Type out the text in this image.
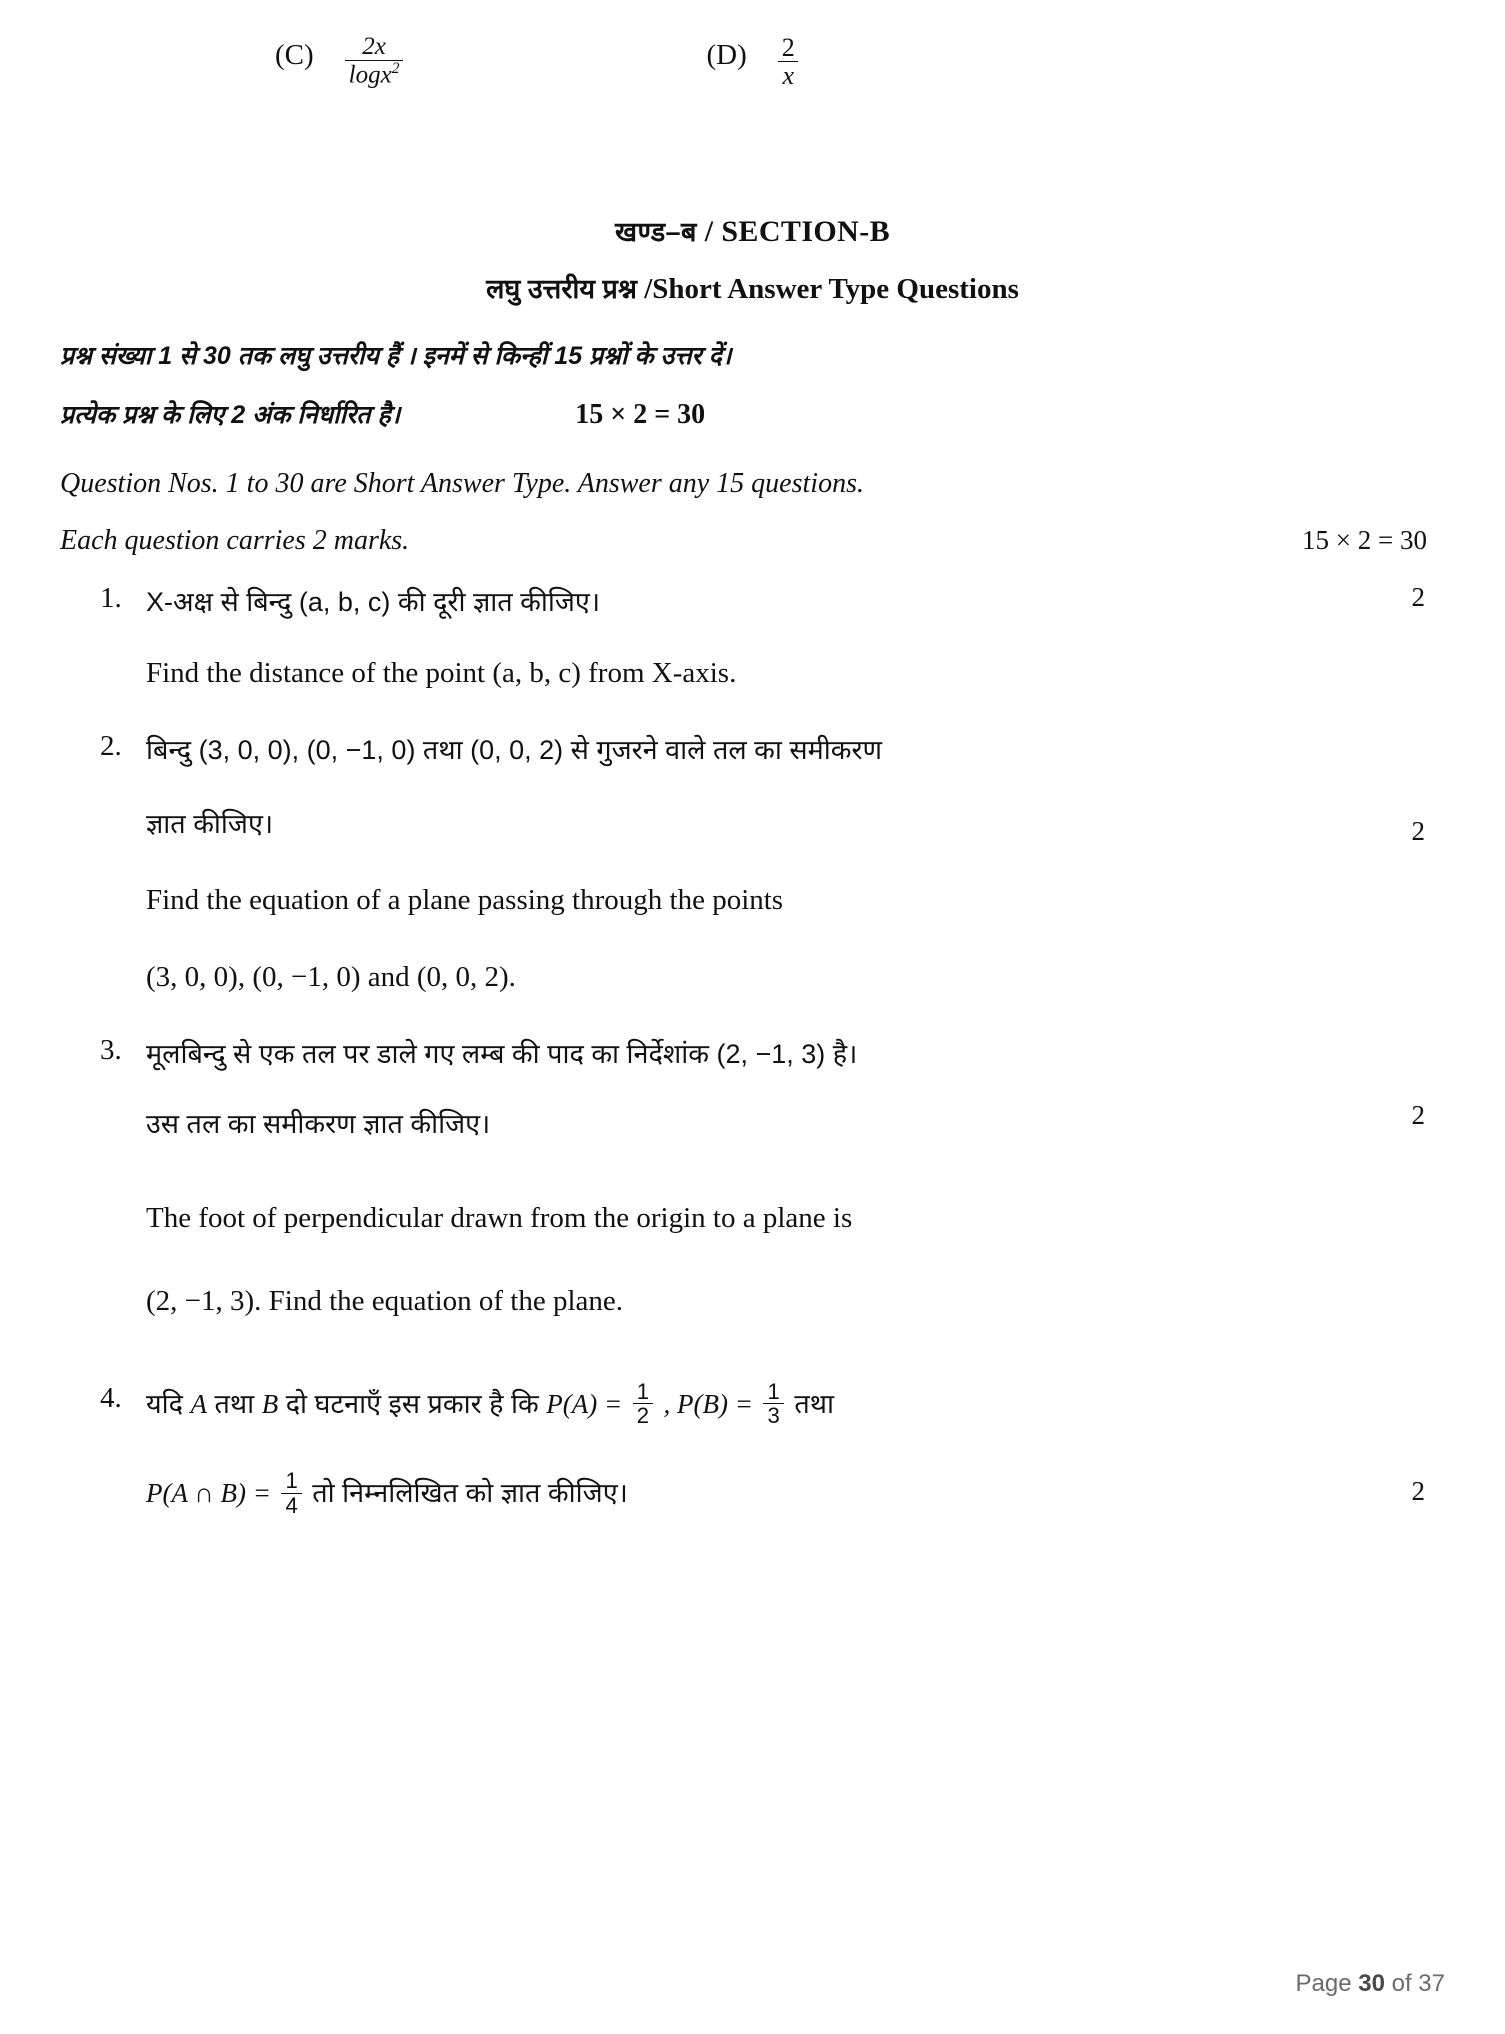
$(C) \frac{2x}{\log x^2}$	$(D) \frac{2}{x}$
खण्ड–ब / SECTION-B
लघु उत्तरीय प्रश्न /Short Answer Type Questions
प्रश्न संख्या 1 से 30 तक लघु उत्तरीय हैं । इनमें से किन्हीं 15 प्रश्नों के उत्तर दें।
प्रत्येक प्रश्न के लिए 2 अंक निर्धारित है।	15 × 2 = 30
Question Nos. 1 to 30 are Short Answer Type. Answer any 15 questions.
Each question carries 2 marks.	15 × 2 = 30
1.	2
X-अक्ष से बिन्दु (a, b, c) की दूरी ज्ञात कीजिए।
Find the distance of the point (a, b, c) from X-axis.
2.
2
बिन्दु (3, 0, 0), (0, −1, 0) तथा (0, 0, 2) से गुजरने वाले तल का समीकरण
ज्ञात कीजिए।
Find the equation of a plane passing through the points
(3, 0, 0), (0, −1, 0) and (0, 0, 2).
3.
2
मूलबिन्दु से एक तल पर डाले गए लम्ब की पाद का निर्देशांक (2, −1, 3) है।
उस तल का समीकरण ज्ञात कीजिए।
The foot of perpendicular drawn from the origin to a plane is
(2, −1, 3). Find the equation of the plane.
4.
2
यदि A तथा B दो घटनाएँ इस प्रकार है कि $P(A) = \frac{1}{2}$ , $P(B) = \frac{1}{3}$ तथा
P(A ∩ $B) = \frac{1}{4}$ तो निम्नलिखित को ज्ञात कीजिए।
Page 30 of 37
